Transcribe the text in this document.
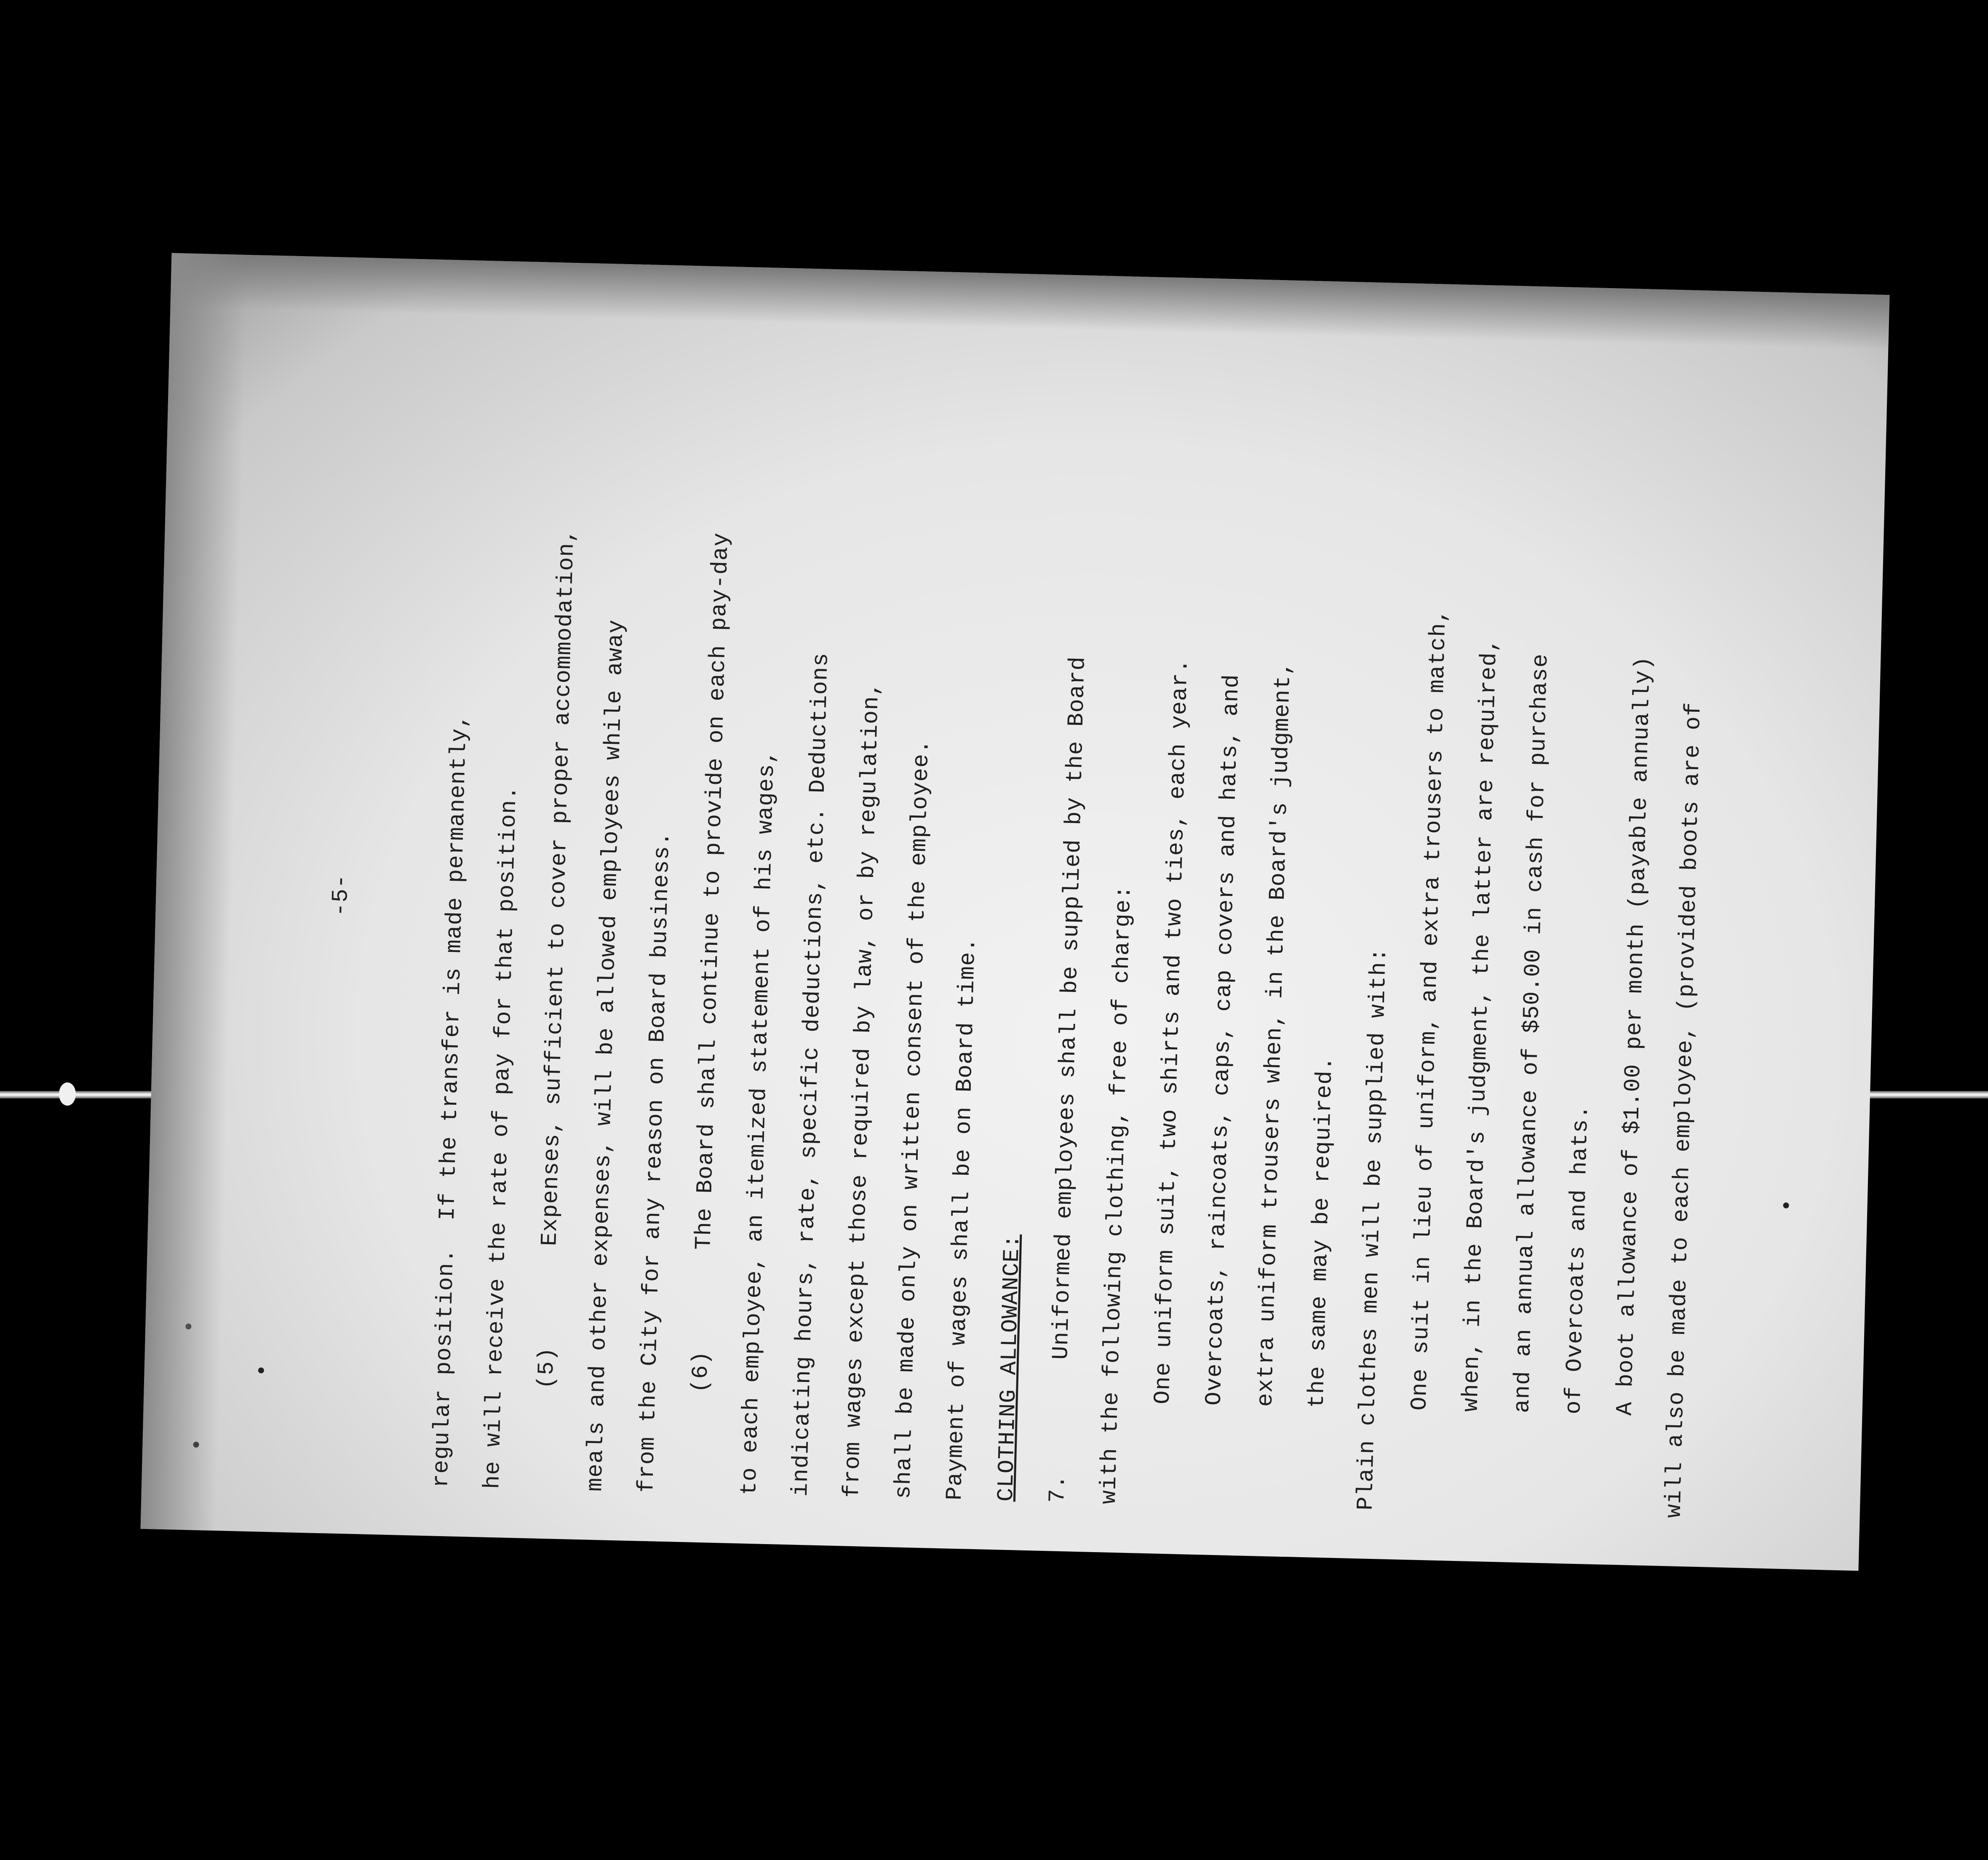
-5-	regular position.  If the transfer is made permanently, he will receive the rate of pay for that position. (5)Expenses, sufficient to cover proper accommodation, meals and other expenses, will be allowed employees while away from the City for any reason on Board business. (6)The Board shall continue to provide on each pay-day to each employee, an itemized statement of his wages, indicating hours, rate, specific deductions, etc. Deductions from wages except those required by law, or by regulation, shall be made only on written consent of the employee. Payment of wages shall be on Board time. CLOTHING ALLOWANCE: 7.Uniformed employees shall be supplied by the Board with the following clothing, free of charge: One uniform suit, two shirts and two ties, each year. Overcoats, raincoats, caps, cap covers and hats, and extra uniform trousers when, in the Board's judgment, the same may be required. Plain clothes men will be supplied with: One suit in lieu of uniform, and extra trousers to match, when, in the Board's judgment, the latter are required, and an annual allowance of $50.00 in cash for purchase of Overcoats and hats. A boot allowance of $1.00 per month (payable annually) will also be made to each employee, (provided boots are of
